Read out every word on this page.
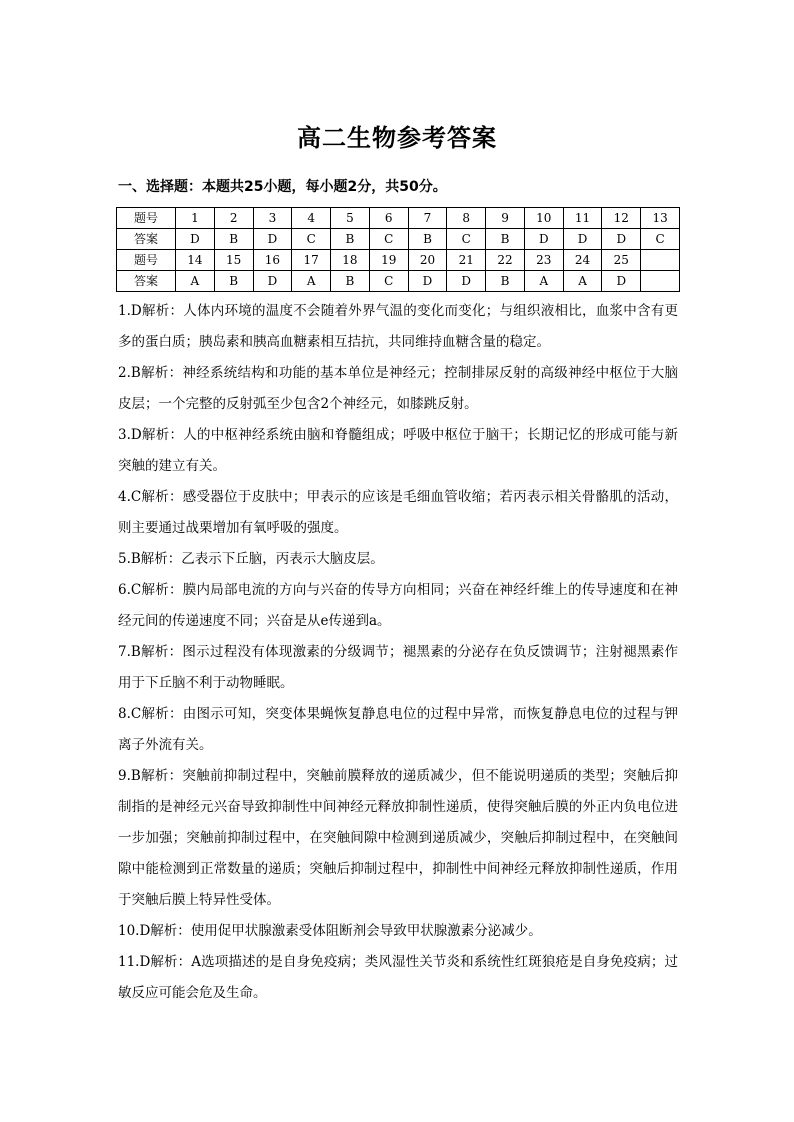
高二生物参考答案
一、选择题：本题共25小题，每小题2分，共50分。
题号	1	2	3	4	5	6	7	8	9	10	11	12	13
答案	D	B	D	C	B	C	B	C	B	D	D	D	C
题号	14	15	16	17	18	19	20	21	22	23	24	25	
答案	A	B	D	A	B	C	D	D	B	A	A	D	

1.D解析：人体内环境的温度不会随着外界气温的变化而变化；与组织液相比，血浆中含有更多的蛋白质；胰岛素和胰高血糖素相互拮抗，共同维持血糖含量的稳定。

2.B解析：神经系统结构和功能的基本单位是神经元；控制排尿反射的高级神经中枢位于大脑皮层；一个完整的反射弧至少包含2个神经元，如膝跳反射。

3.D解析：人的中枢神经系统由脑和脊髓组成；呼吸中枢位于脑干；长期记忆的形成可能与新突触的建立有关。

4.C解析：感受器位于皮肤中；甲表示的应该是毛细血管收缩；若丙表示相关骨骼肌的活动，则主要通过战栗增加有氧呼吸的强度。

5.B解析：乙表示下丘脑，丙表示大脑皮层。

6.C解析：膜内局部电流的方向与兴奋的传导方向相同；兴奋在神经纤维上的传导速度和在神经元间的传递速度不同；兴奋是从e传递到a。

7.B解析：图示过程没有体现激素的分级调节；褪黑素的分泌存在负反馈调节；注射褪黑素作用于下丘脑不利于动物睡眠。

8.C解析：由图示可知，突变体果蝇恢复静息电位的过程中异常，而恢复静息电位的过程与钾离子外流有关。

9.B解析：突触前抑制过程中，突触前膜释放的递质减少，但不能说明递质的类型；突触后抑制指的是神经元兴奋导致抑制性中间神经元释放抑制性递质，使得突触后膜的外正内负电位进一步加强；突触前抑制过程中，在突触间隙中检测到递质减少，突触后抑制过程中，在突触间隙中能检测到正常数量的递质；突触后抑制过程中，抑制性中间神经元释放抑制性递质，作用于突触后膜上特异性受体。

10.D解析：使用促甲状腺激素受体阻断剂会导致甲状腺激素分泌减少。

11.D解析：A选项描述的是自身免疫病；类风湿性关节炎和系统性红斑狼疮是自身免疫病；过敏反应可能会危及生命。
